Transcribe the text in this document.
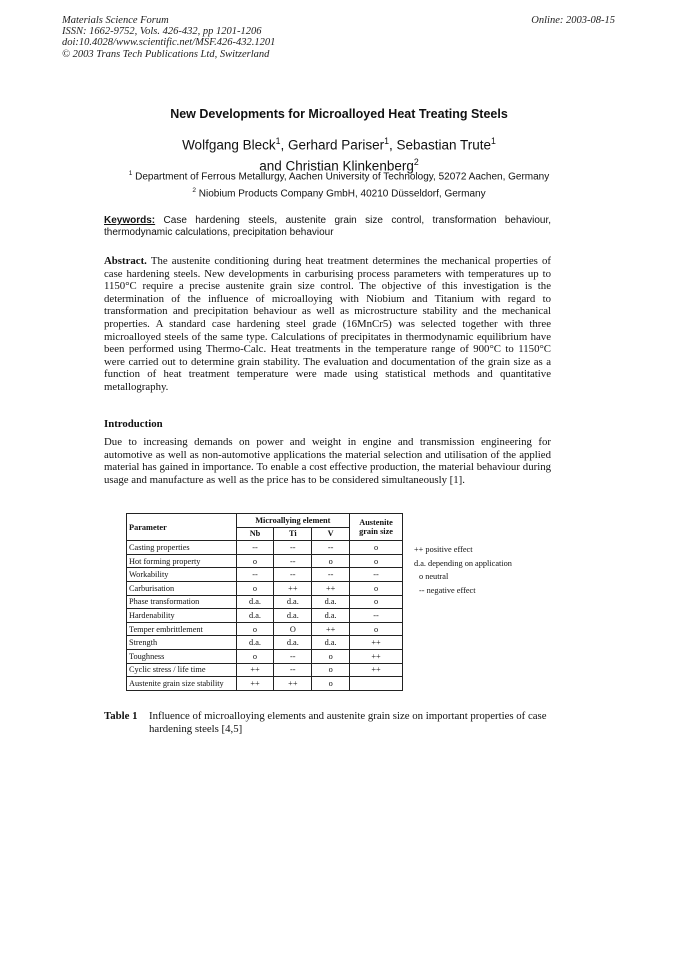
Materials Science Forum
ISSN: 1662-9752, Vols. 426-432, pp 1201-1206
doi:10.4028/www.scientific.net/MSF.426-432.1201
© 2003 Trans Tech Publications Ltd, Switzerland
Online: 2003-08-15
New Developments for Microalloyed Heat Treating Steels
Wolfgang Bleck$^1$, Gerhard Pariser$^1$, Sebastian Trute$^1$
and Christian Klinkenberg$^2$
$^1$ Department of Ferrous Metallurgy, Aachen University of Technology, 52072 Aachen, Germany
$^2$ Niobium Products Company GmbH, 40210 Düsseldorf, Germany
Keywords: Case hardening steels, austenite grain size control, transformation behaviour, thermodynamic calculations, precipitation behaviour
Abstract. The austenite conditioning during heat treatment determines the mechanical properties of case hardening steels. New developments in carburising process parameters with temperatures up to 1150°C require a precise austenite grain size control. The objective of this investigation is the determination of the influence of microalloying with Niobium and Titanium with regard to transformation and precipitation behaviour as well as microstructure stability and the mechanical properties. A standard case hardening steel grade (16MnCr5) was selected together with three microalloyed steels of the same type. Calculations of precipitates in thermodynamic equilibrium have been performed using Thermo-Calc. Heat treatments in the temperature range of 900°C to 1150°C were carried out to determine grain stability. The evaluation and documentation of the grain size as a function of heat treatment temperature were made using statistical methods and quantitative metallography.
Introduction
Due to increasing demands on power and weight in engine and transmission engineering for automotive as well as non-automotive applications the material selection and utilisation of the applied material has gained in importance. To enable a cost effective production, the material behaviour during usage and manufacture as well as the price has to be considered simultaneously [1].
Parameter	Microallying element			Austenite grain size
	Nb	Ti	V	
Casting properties	--	--	--	o
Hot forming property	o	--	o	o
Workability	--	--	--	--
Carburisation	o	++	++	o
Phase transformation	d.a.	d.a.	d.a.	o
Hardenability	d.a.	d.a.	d.a.	--
Temper embrittlement	o	O	++	o
Strength	d.a.	d.a.	d.a.	++
Toughness	o	--	o	++
Cyclic stress / life time	++	--	o	++
Austenite grain size stability	++	++	o	
++ positive effect
d.a. depending on application
o neutral
-- negative effect
Table 1 Influence of microalloying elements and austenite grain size on important properties of case hardening steels [4,5]
